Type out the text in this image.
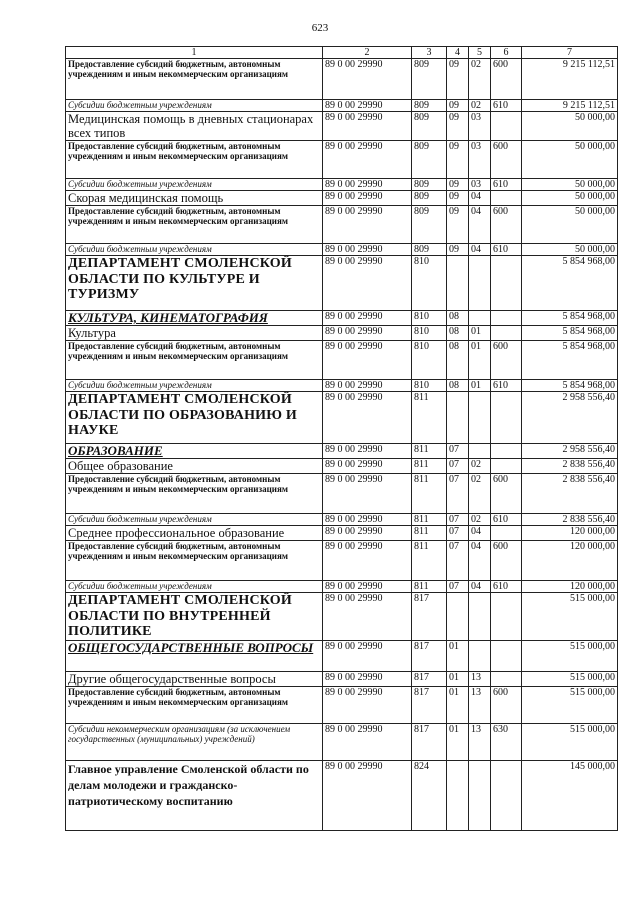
623
1	2	3	4	5	6	7
Предоставление субсидий бюджетным, автономным учреждениям и иным некоммерческим организациям	89 0 00 29990	809	09	02	600	9 215 112,51
Субсидии бюджетным учреждениям	89 0 00 29990	809	09	02	610	9 215 112,51
Медицинская помощь в дневных стационарах всех типов	89 0 00 29990	809	09	03		50 000,00
Предоставление субсидий бюджетным, автономным учреждениям и иным некоммерческим организациям	89 0 00 29990	809	09	03	600	50 000,00
Субсидии бюджетным учреждениям	89 0 00 29990	809	09	03	610	50 000,00
Скорая медицинская помощь	89 0 00 29990	809	09	04		50 000,00
Предоставление субсидий бюджетным, автономным учреждениям и иным некоммерческим организациям	89 0 00 29990	809	09	04	600	50 000,00
Субсидии бюджетным учреждениям	89 0 00 29990	809	09	04	610	50 000,00
ДЕПАРТАМЕНТ СМОЛЕНСКОЙ ОБЛАСТИ ПО КУЛЬТУРЕ И ТУРИЗМУ	89 0 00 29990	810				5 854 968,00
КУЛЬТУРА, КИНЕМАТОГРАФИЯ	89 0 00 29990	810	08			5 854 968,00
Культура	89 0 00 29990	810	08	01		5 854 968,00
Предоставление субсидий бюджетным, автономным учреждениям и иным некоммерческим организациям	89 0 00 29990	810	08	01	600	5 854 968,00
Субсидии бюджетным учреждениям	89 0 00 29990	810	08	01	610	5 854 968,00
ДЕПАРТАМЕНТ СМОЛЕНСКОЙ ОБЛАСТИ ПО ОБРАЗОВАНИЮ И НАУКЕ	89 0 00 29990	811				2 958 556,40
ОБРАЗОВАНИЕ	89 0 00 29990	811	07			2 958 556,40
Общее образование	89 0 00 29990	811	07	02		2 838 556,40
Предоставление субсидий бюджетным, автономным учреждениям и иным некоммерческим организациям	89 0 00 29990	811	07	02	600	2 838 556,40
Субсидии бюджетным учреждениям	89 0 00 29990	811	07	02	610	2 838 556,40
Среднее профессиональное образование	89 0 00 29990	811	07	04		120 000,00
Предоставление субсидий бюджетным, автономным учреждениям и иным некоммерческим организациям	89 0 00 29990	811	07	04	600	120 000,00
Субсидии бюджетным учреждениям	89 0 00 29990	811	07	04	610	120 000,00
ДЕПАРТАМЕНТ СМОЛЕНСКОЙ ОБЛАСТИ ПО ВНУТРЕННЕЙ ПОЛИТИКЕ	89 0 00 29990	817				515 000,00
ОБЩЕГОСУДАРСТВЕННЫЕ ВОПРОСЫ	89 0 00 29990	817	01			515 000,00
Другие общегосударственные вопросы	89 0 00 29990	817	01	13		515 000,00
Предоставление субсидий бюджетным, автономным учреждениям и иным некоммерческим организациям	89 0 00 29990	817	01	13	600	515 000,00
Субсидии некоммерческим организациям (за исключением государственных (муниципальных) учреждений)	89 0 00 29990	817	01	13	630	515 000,00
Главное управление Смоленской области по делам молодежи и гражданско-патриотическому воспитанию	89 0 00 29990	824				145 000,00
